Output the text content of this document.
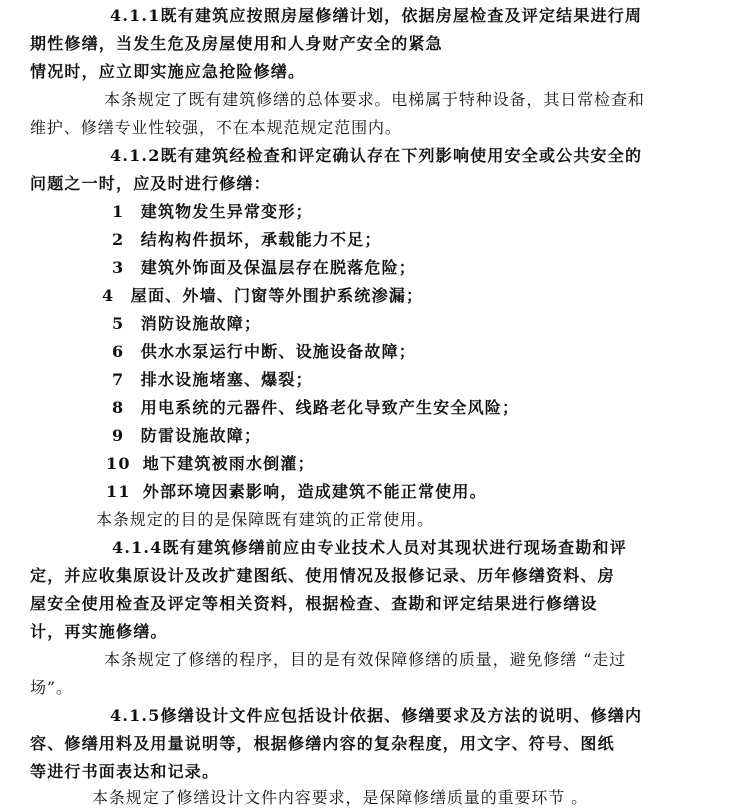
4.1.1既有建筑应按照房屋修缮计划，依据房屋检查及评定结果进行周
期性修缮，当发生危及房屋使用和人身财产安全的紧急
情况时，应立即实施应急抢险修缮。
本条规定了既有建筑修缮的总体要求。电梯属于特种设备，其日常检查和
维护、修缮专业性较强，不在本规范规定范围内。
4.1.2既有建筑经检查和评定确认存在下列影响使用安全或公共安全的
问题之一时，应及时进行修缮：
1 建筑物发生异常变形；
2 结构构件损坏，承载能力不足；
3 建筑外饰面及保温层存在脱落危险；
4 屋面、外墙、门窗等外围护系统渗漏；
5 消防设施故障；
6 供水水泵运行中断、设施设备故障；
7 排水设施堵塞、爆裂；
8 用电系统的元器件、线路老化导致产生安全风险；
9 防雷设施故障；
10 地下建筑被雨水倒灌；
11 外部环境因素影响，造成建筑不能正常使用。
本条规定的目的是保障既有建筑的正常使用。
4.1.4既有建筑修缮前应由专业技术人员对其现状进行现场查勘和评
定，并应收集原设计及改扩建图纸、使用情况及报修记录、历年修缮资料、房
屋安全使用检查及评定等相关资料，根据检查、查勘和评定结果进行修缮设
计，再实施修缮。
本条规定了修缮的程序，目的是有效保障修缮的质量，避免修缮 “走过
场”。
4.1.5修缮设计文件应包括设计依据、修缮要求及方法的说明、修缮内
容、修缮用料及用量说明等，根据修缮内容的复杂程度，用文字、符号、图纸
等进行书面表达和记录。
本条规定了修缮设计文件内容要求，是保障修缮质量的重要环节 。
